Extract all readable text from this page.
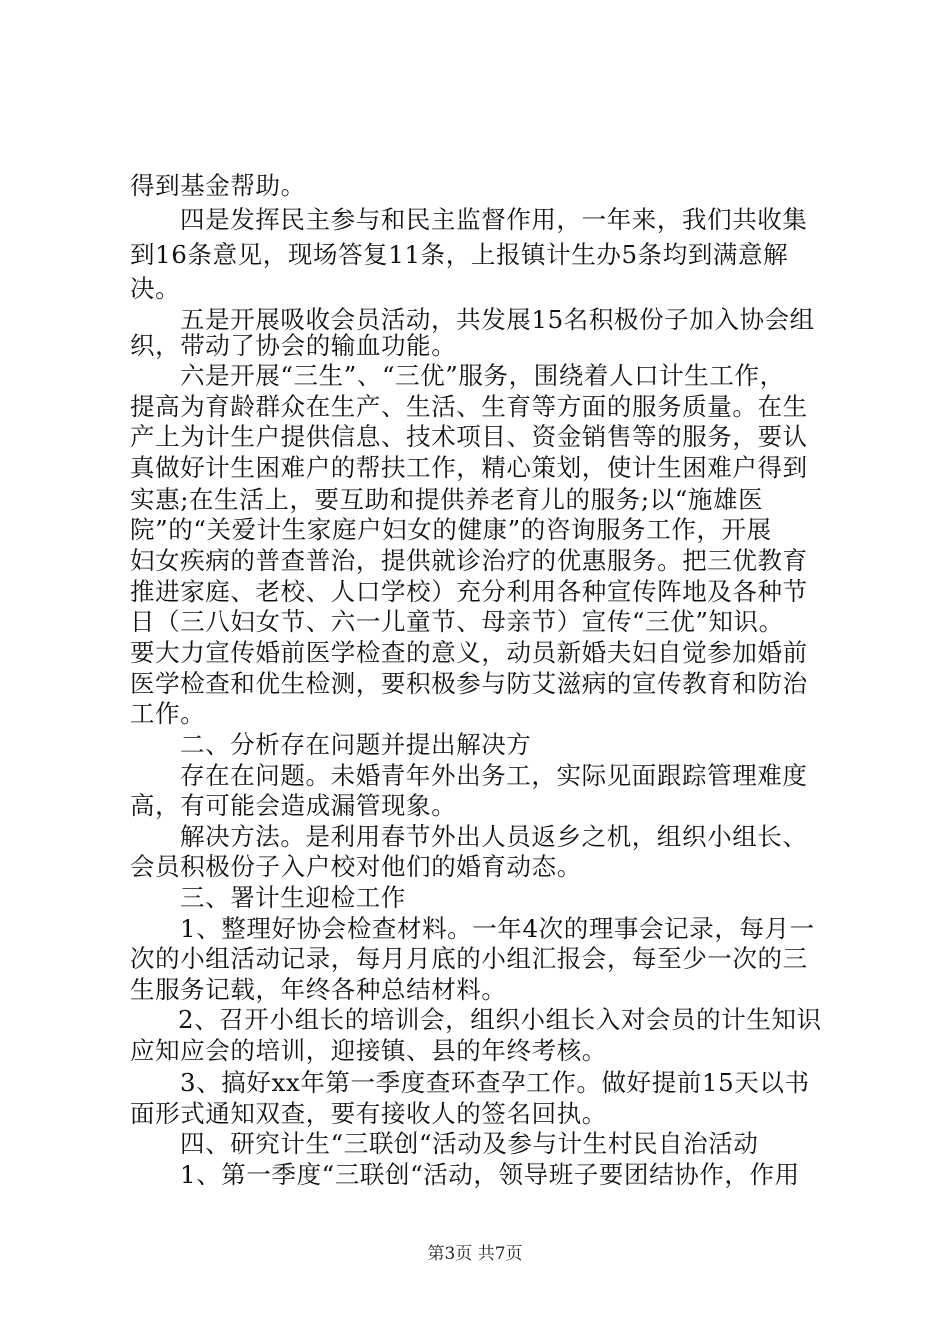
得到基金帮助。
四是发挥民主参与和民主监督作用，一年来，我们共收集
到16条意见，现场答复11条，上报镇计生办5条均到满意解
决。
五是开展吸收会员活动，共发展15名积极份子加入协会组
织，带动了协会的输血功能。
六是开展“三生”、“三优”服务，围绕着人口计生工作，
提高为育龄群众在生产、生活、生育等方面的服务质量。在生
产上为计生户提供信息、技术项目、资金销售等的服务，要认
真做好计生困难户的帮扶工作，精心策划，使计生困难户得到
实惠;在生活上，要互助和提供养老育儿的服务;以“施雄医
院”的“关爱计生家庭户妇女的健康”的咨询服务工作，开展
妇女疾病的普查普治，提供就诊治疗的优惠服务。把三优教育
推进家庭、老校、人口学校）充分利用各种宣传阵地及各种节
日（三八妇女节、六一儿童节、母亲节）宣传“三优”知识。
要大力宣传婚前医学检查的意义，动员新婚夫妇自觉参加婚前
医学检查和优生检测，要积极参与防艾滋病的宣传教育和防治
工作。
二、分析存在问题并提出解决方
存在在问题。未婚青年外出务工，实际见面跟踪管理难度
高，有可能会造成漏管现象。
解决方法。是利用春节外出人员返乡之机，组织小组长、
会员积极份子入户校对他们的婚育动态。
三、署计生迎检工作
1、整理好协会检查材料。一年4次的理事会记录，每月一
次的小组活动记录，每月月底的小组汇报会，每至少一次的三
生服务记载，年终各种总结材料。
2、召开小组长的培训会，组织小组长入对会员的计生知识
应知应会的培训，迎接镇、县的年终考核。
3、搞好xx年第一季度查环查孕工作。做好提前15天以书
面形式通知双查，要有接收人的签名回执。
四、研究计生“三联创“活动及参与计生村民自治活动
1、第一季度“三联创“活动，领导班子要团结协作，作用
第3页 共7页
